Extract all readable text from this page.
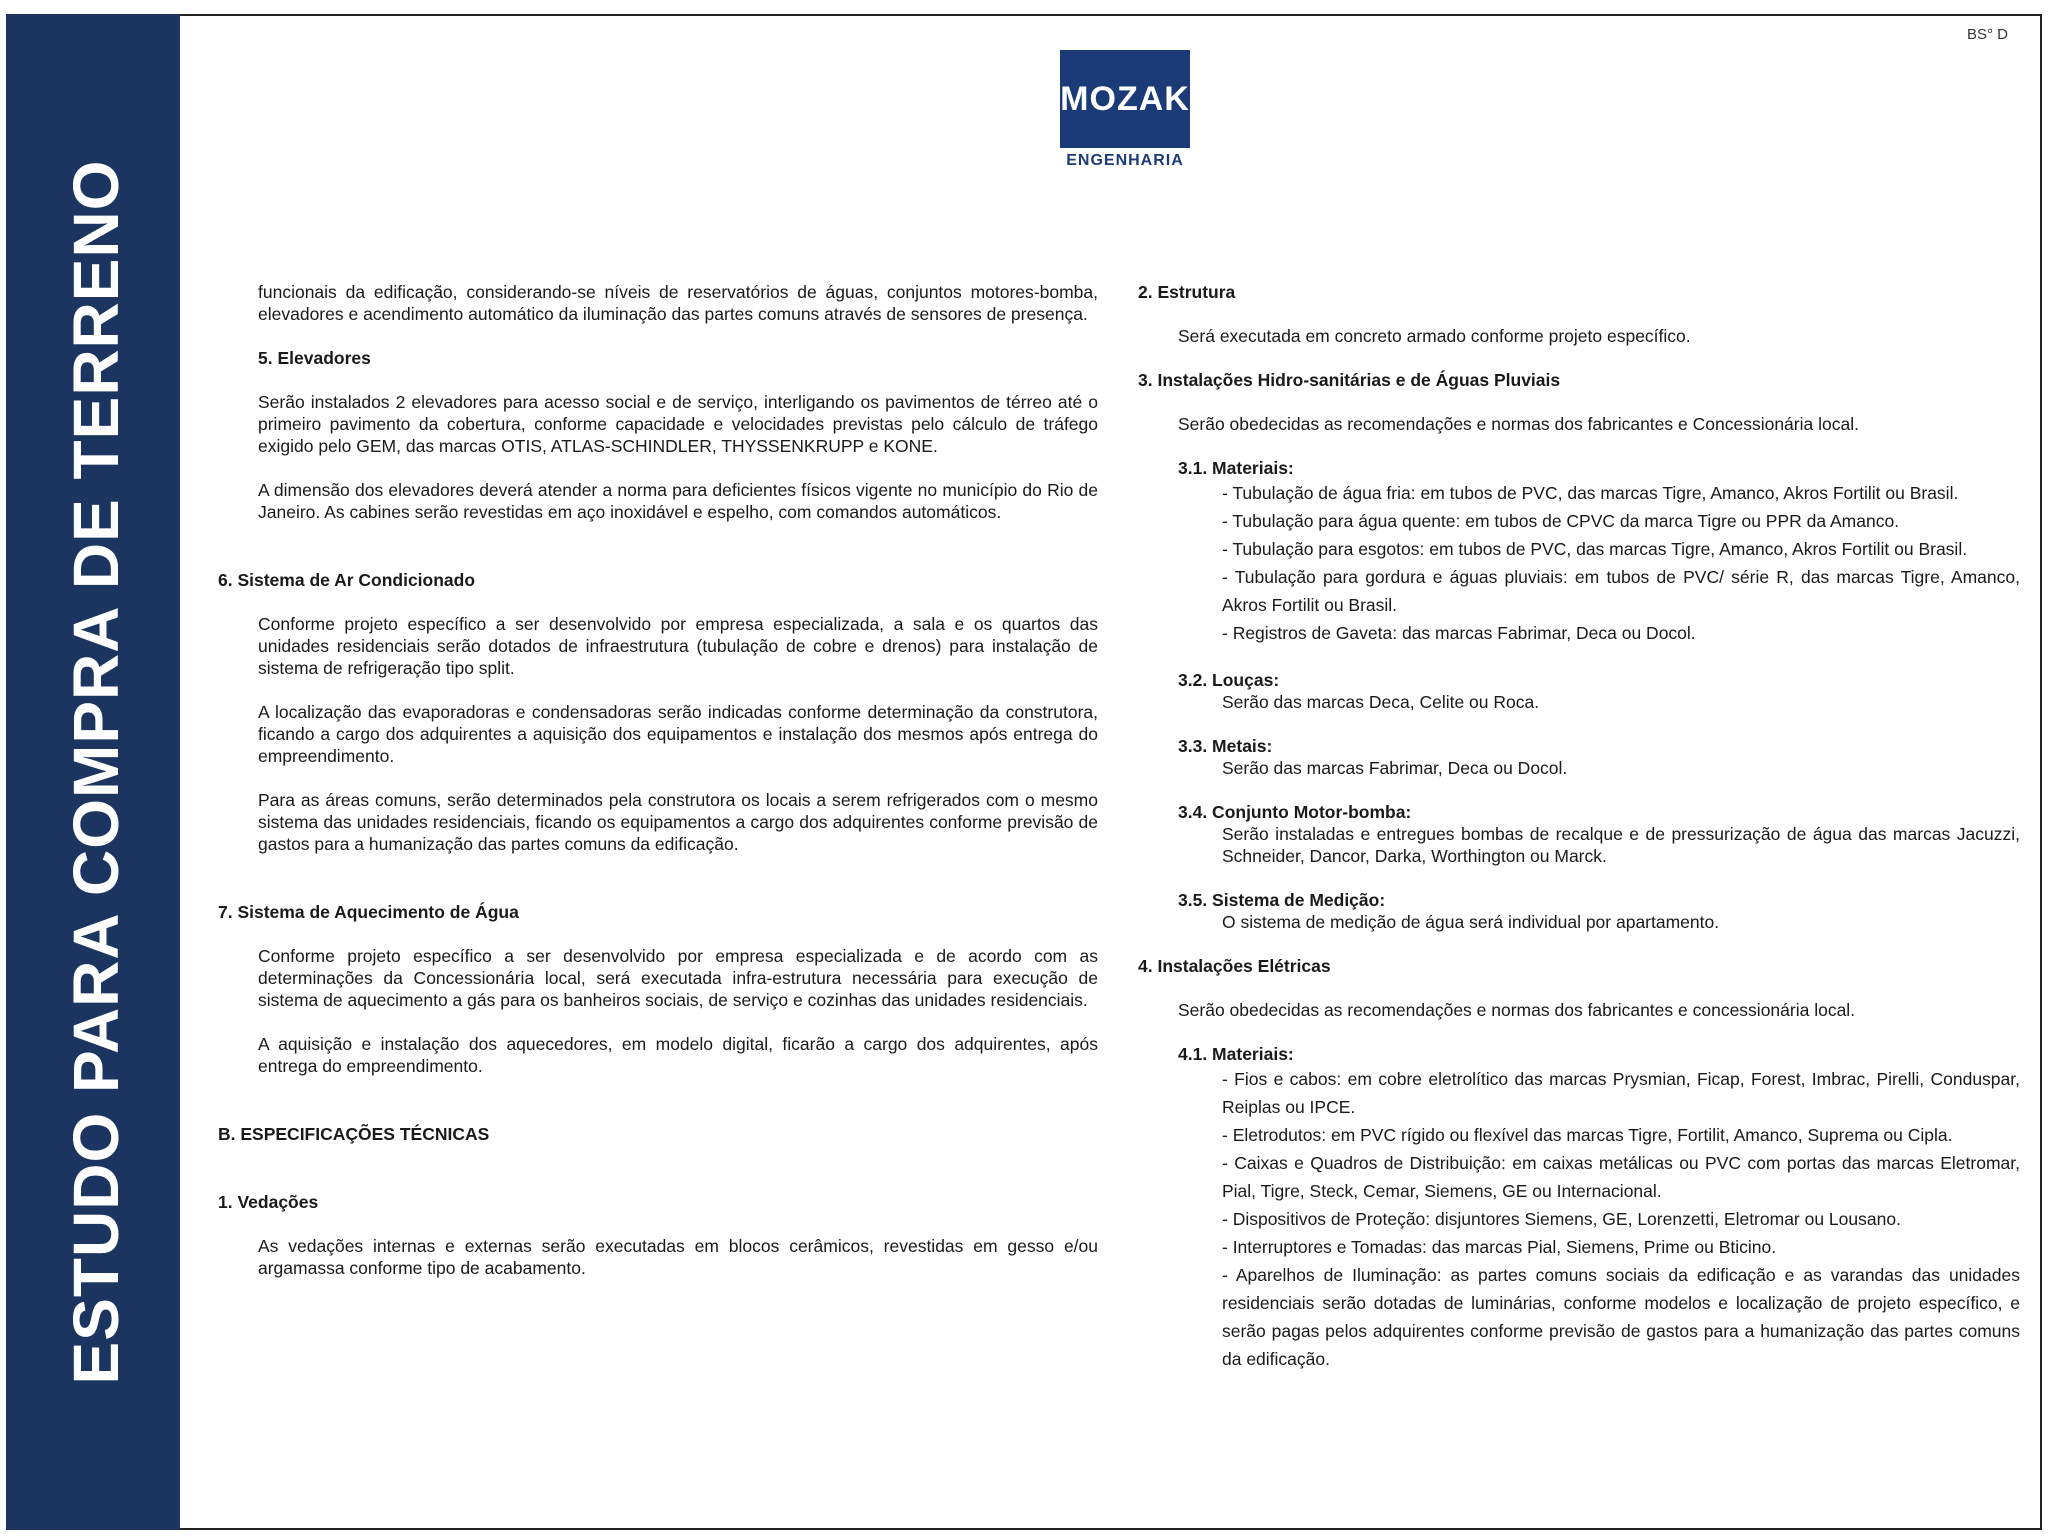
ESTUDO PARA COMPRA DE TERRENO
BS° D
MOZAK
ENGENHARIA

funcionais da edificação, considerando-se níveis de reservatórios de águas, conjuntos motores-bomba, elevadores e acendimento automático da iluminação das partes comuns através de sensores de presença.

5. Elevadores

Serão instalados 2 elevadores para acesso social e de serviço, interligando os pavimentos de térreo até o primeiro pavimento da cobertura, conforme capacidade e velocidades previstas pelo cálculo de tráfego exigido pelo GEM, das marcas OTIS, ATLAS-SCHINDLER, THYSSENKRUPP e KONE.

A dimensão dos elevadores deverá atender a norma para deficientes físicos vigente no município do Rio de Janeiro. As cabines serão revestidas em aço inoxidável e espelho, com comandos automáticos.

6. Sistema de Ar Condicionado

Conforme projeto específico a ser desenvolvido por empresa especializada, a sala e os quartos das unidades residenciais serão dotados de infraestrutura (tubulação de cobre e drenos) para instalação de sistema de refrigeração tipo split.

A localização das evaporadoras e condensadoras serão indicadas conforme determinação da construtora, ficando a cargo dos adquirentes a aquisição dos equipamentos e instalação dos mesmos após entrega do empreendimento.

Para as áreas comuns, serão determinados pela construtora os locais a serem refrigerados com o mesmo sistema das unidades residenciais, ficando os equipamentos a cargo dos adquirentes conforme previsão de gastos para a humanização das partes comuns da edificação.

7. Sistema de Aquecimento de Água

Conforme projeto específico a ser desenvolvido por empresa especializada e de acordo com as determinações da Concessionária local, será executada infra-estrutura necessária para execução de sistema de aquecimento a gás para os banheiros sociais, de serviço e cozinhas das unidades residenciais.

A aquisição e instalação dos aquecedores, em modelo digital, ficarão a cargo dos adquirentes, após entrega do empreendimento.

B. ESPECIFICAÇÕES TÉCNICAS

1. Vedações

As vedações internas e externas serão executadas em blocos cerâmicos, revestidas em gesso e/ou argamassa conforme tipo de acabamento.

2. Estrutura

Será executada em concreto armado conforme projeto específico.

3. Instalações Hidro-sanitárias e de Águas Pluviais

Serão obedecidas as recomendações e normas dos fabricantes e Concessionária local.

3.1. Materiais:

- Tubulação de água fria: em tubos de PVC, das marcas Tigre, Amanco, Akros Fortilit ou Brasil.

- Tubulação para água quente: em tubos de CPVC da marca Tigre ou PPR da Amanco.

- Tubulação para esgotos: em tubos de PVC, das marcas Tigre, Amanco, Akros Fortilit ou Brasil.

- Tubulação para gordura e águas pluviais: em tubos de PVC/ série R, das marcas Tigre, Amanco, Akros Fortilit ou Brasil.

- Registros de Gaveta: das marcas Fabrimar, Deca ou Docol.

3.2. Louças:

Serão das marcas Deca, Celite ou Roca.

3.3. Metais:

Serão das marcas Fabrimar, Deca ou Docol.

3.4. Conjunto Motor-bomba:

Serão instaladas e entregues bombas de recalque e de pressurização de água das marcas Jacuzzi, Schneider, Dancor, Darka, Worthington ou Marck.

3.5. Sistema de Medição:

O sistema de medição de água será individual por apartamento.

4. Instalações Elétricas

Serão obedecidas as recomendações e normas dos fabricantes e concessionária local.

4.1. Materiais:

- Fios e cabos: em cobre eletrolítico das marcas Prysmian, Ficap, Forest, Imbrac, Pirelli, Conduspar, Reiplas ou IPCE.

- Eletrodutos: em PVC rígido ou flexível das marcas Tigre, Fortilit, Amanco, Suprema ou Cipla.

- Caixas e Quadros de Distribuição: em caixas metálicas ou PVC com portas das marcas Eletromar, Pial, Tigre, Steck, Cemar, Siemens, GE ou Internacional.

- Dispositivos de Proteção: disjuntores Siemens, GE, Lorenzetti, Eletromar ou Lousano.

- Interruptores e Tomadas: das marcas Pial, Siemens, Prime ou Bticino.

- Aparelhos de Iluminação: as partes comuns sociais da edificação e as varandas das unidades residenciais serão dotadas de luminárias, conforme modelos e localização de projeto específico, e serão pagas pelos adquirentes conforme previsão de gastos para a humanização das partes comuns da edificação.
